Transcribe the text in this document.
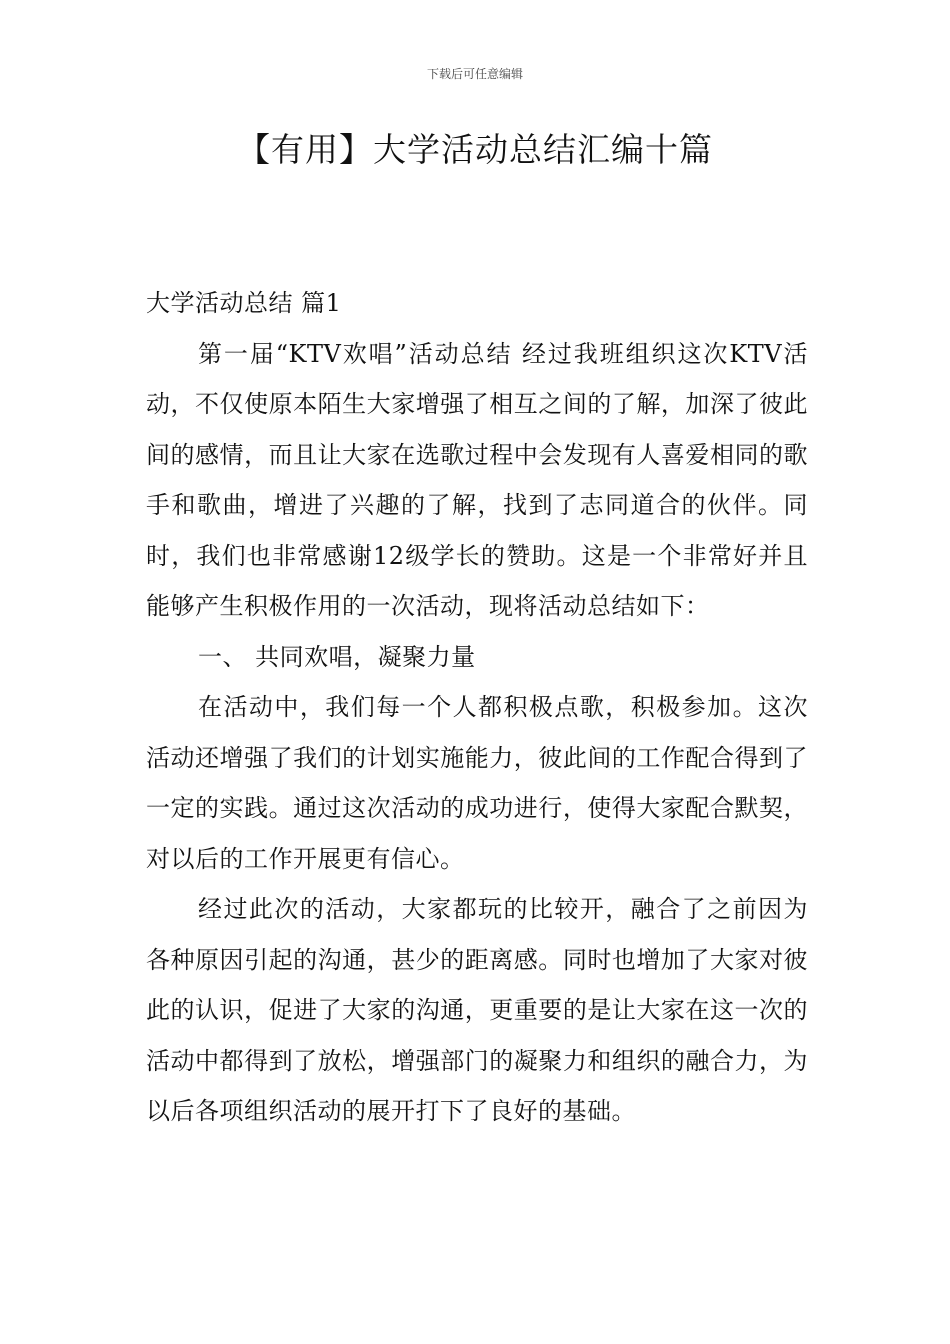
下载后可任意编辑
【有用】大学活动总结汇编十篇

大学活动总结 篇1

第一届“KTV欢唱”活动总结 经过我班组织这次KTV活动，不仅使原本陌生大家增强了相互之间的了解，加深了彼此间的感情，而且让大家在选歌过程中会发现有人喜爱相同的歌手和歌曲，增进了兴趣的了解，找到了志同道合的伙伴。同时，我们也非常感谢12级学长的赞助。这是一个非常好并且能够产生积极作用的一次活动，现将活动总结如下：

一、 共同欢唱，凝聚力量

在活动中，我们每一个人都积极点歌，积极参加。这次活动还增强了我们的计划实施能力，彼此间的工作配合得到了一定的实践。通过这次活动的成功进行，使得大家配合默契，对以后的工作开展更有信心。

经过此次的活动，大家都玩的比较开，融合了之前因为各种原因引起的沟通，甚少的距离感。同时也增加了大家对彼此的认识，促进了大家的沟通，更重要的是让大家在这一次的活动中都得到了放松，增强部门的凝聚力和组织的融合力，为以后各项组织活动的展开打下了良好的基础。
